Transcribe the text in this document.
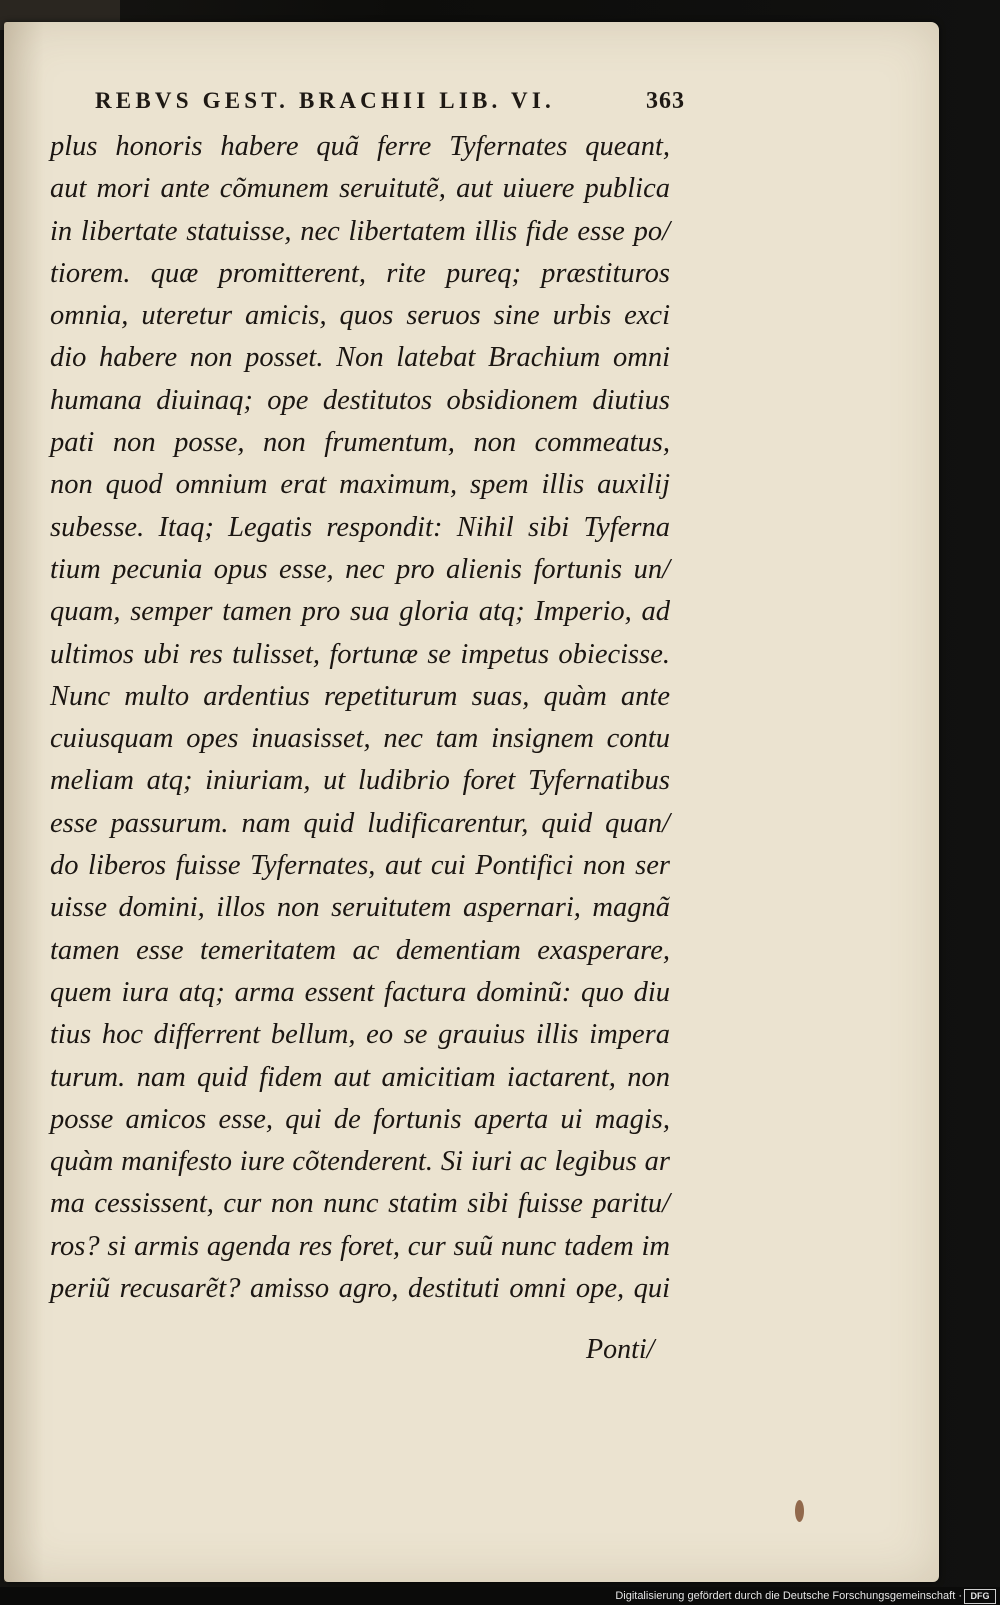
REBVS GEST. BRACHII LIB. VI.	363
plus honoris habere quã ferre Tyfernates queant,
aut mori ante cõmunem seruitutẽ, aut uiuere publica
in libertate statuisse, nec libertatem illis fide esse po/
tiorem. quæ promitterent, rite pureq; præstituros
omnia, uteretur amicis, quos seruos sine urbis exci
dio habere non posset. Non latebat Brachium omni
humana diuinaq; ope destitutos obsidionem diutius
pati non posse, non frumentum, non commeatus,
non quod omnium erat maximum, spem illis auxilij
subesse. Itaq; Legatis respondit: Nihil sibi Tyferna
tium pecunia opus esse, nec pro alienis fortunis un/
quam, semper tamen pro sua gloria atq; Imperio, ad
ultimos ubi res tulisset, fortunæ se impetus obiecisse.
Nunc multo ardentius repetiturum suas, quàm ante
cuiusquam opes inuasisset, nec tam insignem contu
meliam atq; iniuriam, ut ludibrio foret Tyfernatibus
esse passurum. nam quid ludificarentur, quid quan/
do liberos fuisse Tyfernates, aut cui Pontifici non ser
uisse domini, illos non seruitutem aspernari, magnã
tamen esse temeritatem ac dementiam exasperare,
quem iura atq; arma essent factura dominũ: quo diu
tius hoc differrent bellum, eo se grauius illis impera
turum. nam quid fidem aut amicitiam iactarent, non
posse amicos esse, qui de fortunis aperta ui magis,
quàm manifesto iure cõtenderent. Si iuri ac legibus ar
ma cessissent, cur non nunc statim sibi fuisse paritu/
ros? si armis agenda res foret, cur suũ nunc tadem im
periũ recusarẽt? amisso agro, destituti omni ope, qui
Ponti/
Digitalisierung gefördert durch die Deutsche Forschungsgemeinschaft · DFG
